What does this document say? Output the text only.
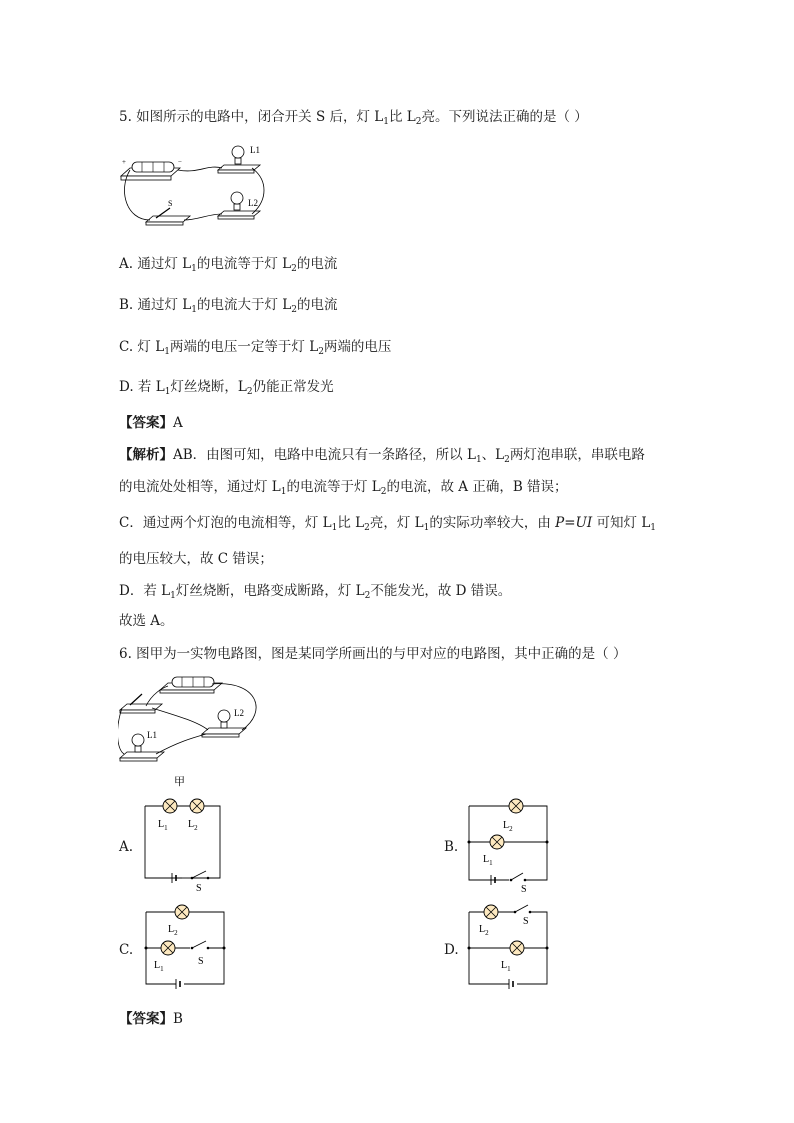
5. 如图所示的电路中，闭合开关 S 后，灯 $L_1$比 $L_2$亮。下列说法正确的是（ ）
+	−
L1
L2
S
A. 通过灯 $L_1$的电流等于灯 $L_2$的电流
B. 通过灯 $L_1$的电流大于灯 $L_2$的电流
C. 灯 $L_1$两端的电压一定等于灯 $L_2$两端的电压
D. 若 $L_1$灯丝烧断，$L_2$仍能正常发光
【答案】A
【解析】AB．由图可知，电路中电流只有一条路径，所以 $L_1$、$L_2$两灯泡串联，串联电路
的电流处处相等，通过灯 $L_1$的电流等于灯 $L_2$的电流，故 A 正确，B 错误；
C．通过两个灯泡的电流相等，灯 $L_1$比 $L_2$亮，灯 $L_1$的实际功率较大，由 P=UI 可知灯 $L_1$
的电压较大，故 C 错误；
D．若 $L_1$灯丝烧断，电路变成断路，灯 $L_2$不能发光，故 D 错误。
故选 A。
6. 图甲为一实物电路图，图是某同学所画出的与甲对应的电路图，其中正确的是（ ）
L2
L1
甲
A.
$L_1$ $L_2$
S
B.
$L_2$
$L_1$
S
C.
$L_2$
$L_1$
S
D.
$L_2$
S
$L_1$
【答案】B
